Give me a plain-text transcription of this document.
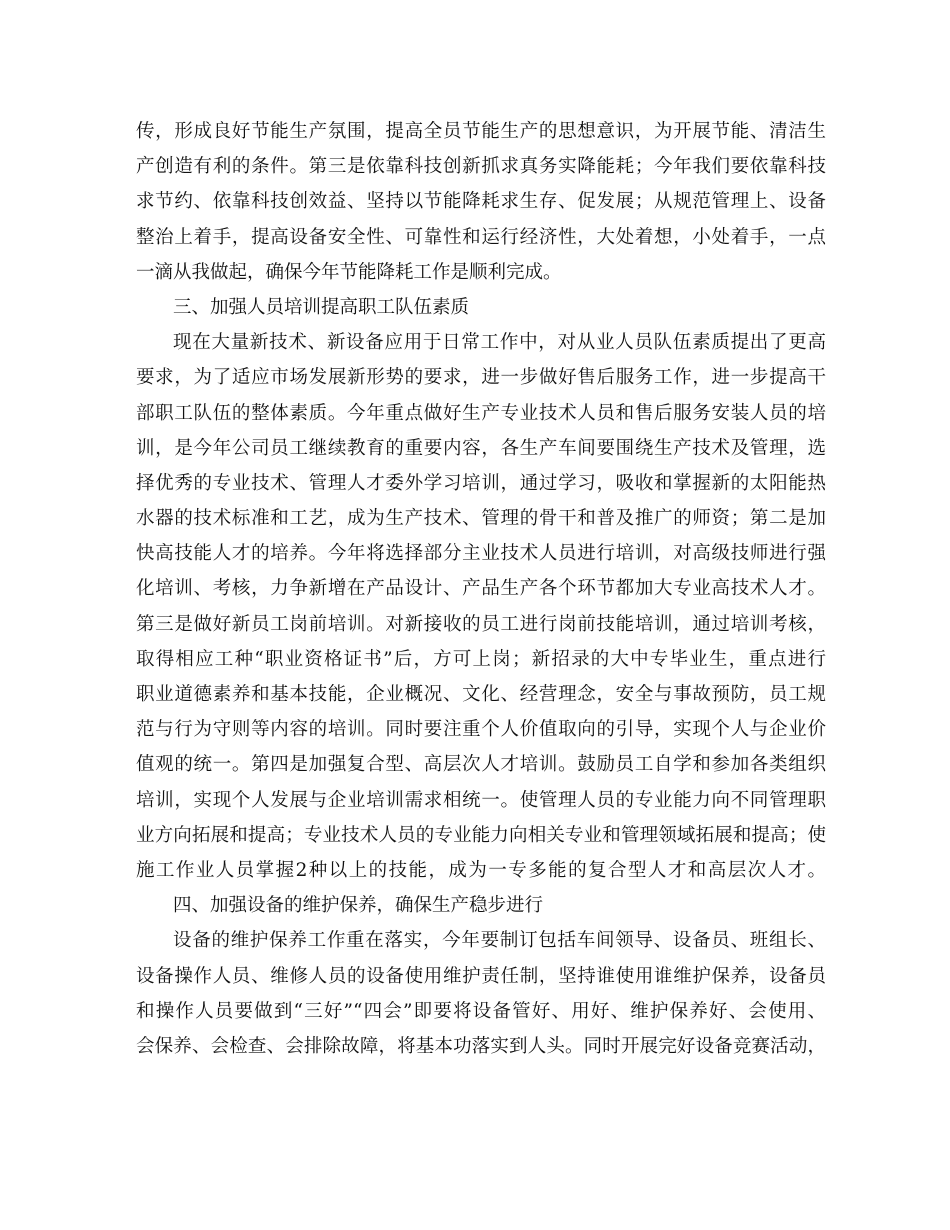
传，形成良好节能生产氛围，提高全员节能生产的思想意识，为开展节能、清洁生
产创造有利的条件。第三是依靠科技创新抓求真务实降能耗；今年我们要依靠科技
求节约、依靠科技创效益、坚持以节能降耗求生存、促发展；从规范管理上、设备
整治上着手，提高设备安全性、可靠性和运行经济性，大处着想，小处着手，一点
一滴从我做起，确保今年节能降耗工作是顺利完成。
三、加强人员培训提高职工队伍素质
现在大量新技术、新设备应用于日常工作中，对从业人员队伍素质提出了更高
要求，为了适应市场发展新形势的要求，进一步做好售后服务工作，进一步提高干
部职工队伍的整体素质。今年重点做好生产专业技术人员和售后服务安装人员的培
训，是今年公司员工继续教育的重要内容，各生产车间要围绕生产技术及管理，选
择优秀的专业技术、管理人才委外学习培训，通过学习，吸收和掌握新的太阳能热
水器的技术标准和工艺，成为生产技术、管理的骨干和普及推广的师资；第二是加
快高技能人才的培养。今年将选择部分主业技术人员进行培训，对高级技师进行强
化培训、考核，力争新增在产品设计、产品生产各个环节都加大专业高技术人才。
第三是做好新员工岗前培训。对新接收的员工进行岗前技能培训，通过培训考核，
取得相应工种“职业资格证书”后，方可上岗；新招录的大中专毕业生，重点进行
职业道德素养和基本技能，企业概况、文化、经营理念，安全与事故预防，员工规
范与行为守则等内容的培训。同时要注重个人价值取向的引导，实现个人与企业价
值观的统一。第四是加强复合型、高层次人才培训。鼓励员工自学和参加各类组织
培训，实现个人发展与企业培训需求相统一。使管理人员的专业能力向不同管理职
业方向拓展和提高；专业技术人员的专业能力向相关专业和管理领域拓展和提高；使
施工作业人员掌握2种以上的技能，成为一专多能的复合型人才和高层次人才。
四、加强设备的维护保养，确保生产稳步进行
设备的维护保养工作重在落实，今年要制订包括车间领导、设备员、班组长、
设备操作人员、维修人员的设备使用维护责任制，坚持谁使用谁维护保养，设备员
和操作人员要做到“三好”“四会”即要将设备管好、用好、维护保养好、会使用、
会保养、会检查、会排除故障，将基本功落实到人头。同时开展完好设备竞赛活动，
